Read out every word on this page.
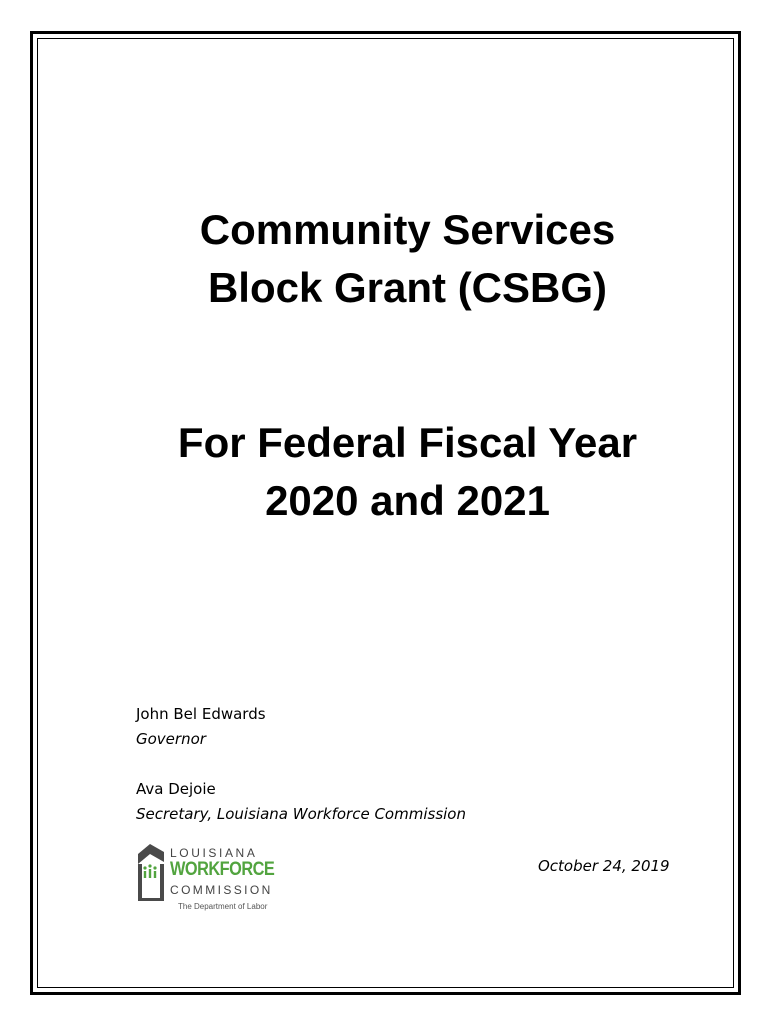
Community Services
Block Grant (CSBG)
For Federal Fiscal Year
2020 and 2021
John Bel Edwards
Governor
Ava Dejoie
Secretary, Louisiana Workforce Commission
October 24, 2019
LOUISIANA
WORKFORCE
COMMISSION
The Department of Labor
